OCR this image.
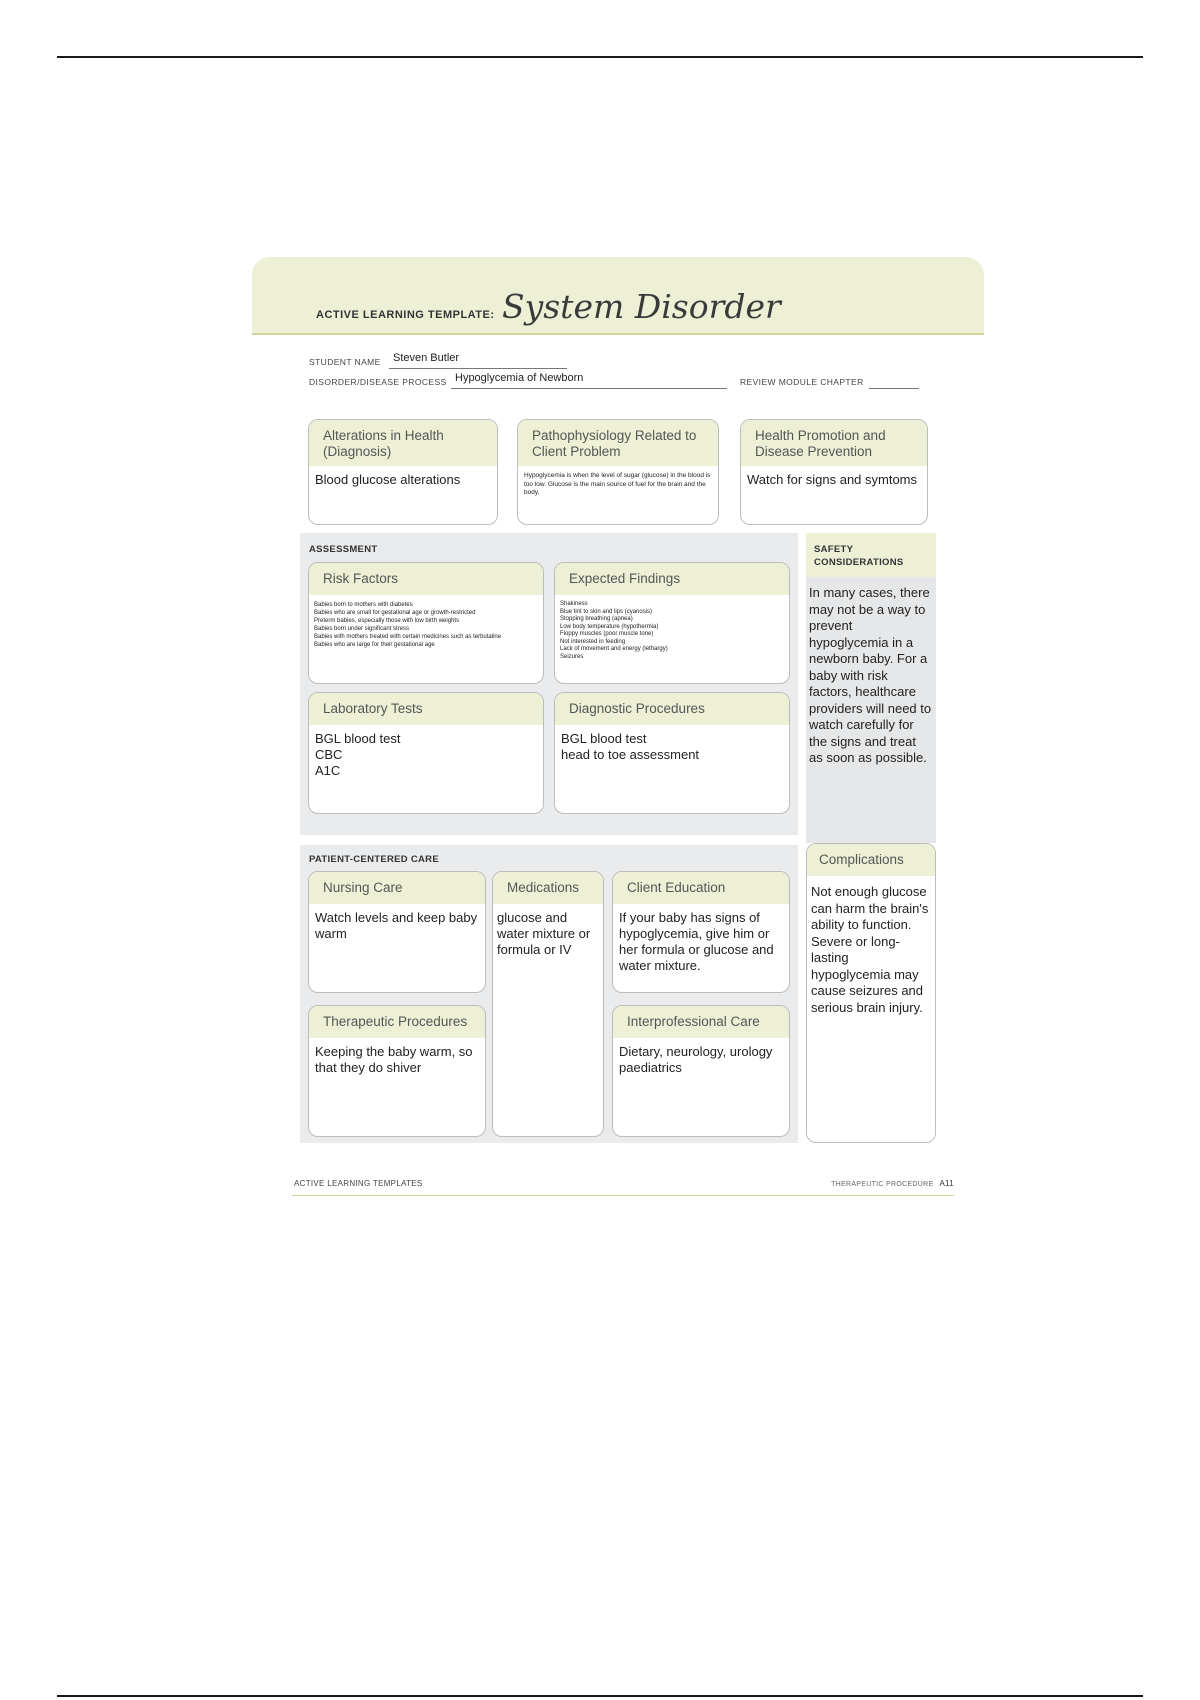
ACTIVE LEARNING TEMPLATE: System Disorder
STUDENT NAME Steven Butler
DISORDER/DISEASE PROCESS Hypoglycemia of Newborn	REVIEW MODULE CHAPTER
Alterations in Health (Diagnosis)
Blood glucose alterations
Pathophysiology Related to Client Problem
Hypoglycemia is when the level of sugar (glucose) in the blood is too low. Glucose is the main source of fuel for the brain and the body.
Health Promotion and Disease Prevention
Watch for signs and symtoms
ASSESSMENT
Risk Factors
Babies born to mothers with diabetes
Babies who are small for gestational age or growth-restricted
Preterm babies, especially those with low birth weights
Babies born under significant stress
Babies with mothers treated with certain medicines such as terbutaline
Babies who are large for their gestational age
Expected Findings
Shakiness
Blue tint to skin and lips (cyanosis)
Stopping breathing (apnea)
Low body temperature (hypothermia)
Floppy muscles (poor muscle tone)
Not interested in feeding
Lack of movement and energy (lethargy)
Seizures
Laboratory Tests
BGL blood test
CBC
A1C
Diagnostic Procedures
BGL blood test
head to toe assessment
SAFETY
CONSIDERATIONS
In many cases, there may not be a way to prevent hypoglycemia in a newborn baby. For a baby with risk factors, healthcare providers will need to watch carefully for the signs and treat as soon as possible.
PATIENT-CENTERED CARE
Nursing Care
Watch levels and keep baby warm
Medications
glucose and water mixture or formula or IV
Client Education
If your baby has signs of hypoglycemia, give him or her formula or glucose and water mixture.
Therapeutic Procedures
Keeping the baby warm, so that they do shiver
Interprofessional Care
Dietary, neurology, urology paediatrics
Complications
Not enough glucose can harm the brain's ability to function. Severe or long-lasting hypoglycemia may cause seizures and serious brain injury.
ACTIVE LEARNING TEMPLATES	THERAPEUTIC PROCEDURE A11
